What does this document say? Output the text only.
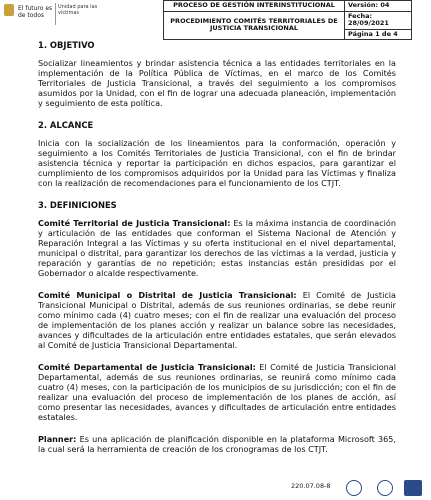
El futuro es de todos
Unidad para las víctimas
PROCESO DE GESTIÓN INTERINSTITUCIONAL	Versión: 04
PROCEDIMIENTO COMITÉS TERRITORIALES DE JUSTICIA TRANSICIONAL	Fecha: 28/09/2021
	Página 1 de 4
1. OBJETIVO
Socializar lineamientos y brindar asistencia técnica a las entidades territoriales en la implementación de la Política Pública de Víctimas, en el marco de los Comités Territoriales de Justicia Transicional, a través del seguimiento a los compromisos asumidos por la Unidad, con el fin de lograr una adecuada planeación, implementación y seguimiento de esta política.
2. ALCANCE
Inicia con la socialización de los lineamientos para la conformación, operación y seguimiento a los Comités Territoriales de Justicia Transicional, con el fin de brindar asistencia técnica y reportar la participación en dichos espacios, para garantizar el cumplimiento de los compromisos adquiridos por la Unidad para las Víctimas y finaliza con la realización de recomendaciones para el funcionamiento de los CTJT.
3. DEFINICIONES
Comité Territorial de Justicia Transicional: Es la máxima instancia de coordinación y articulación de las entidades que conforman el Sistema Nacional de Atención y Reparación Integral a las Víctimas y su oferta institucional en el nivel departamental, municipal o distrital, para garantizar los derechos de las víctimas a la verdad, justicia y reparación y garantías de no repetición; estas instancias están presididas por el Gobernador o alcalde respectivamente.
Comité Municipal o Distrital de Justicia Transicional: El Comité de Justicia Transicional Municipal o Distrital, además de sus reuniones ordinarias, se debe reunir como mínimo cada (4) cuatro meses; con el fin de realizar una evaluación del proceso de implementación de los planes acción y realizar un balance sobre las necesidades, avances y dificultades de la articulación entre entidades estatales, que serán elevados al Comité de Justicia Transicional Departamental.
Comité Departamental de Justicia Transicional: El Comité de Justicia Transicional Departamental, además de sus reuniones ordinarias, se reunirá como mínimo cada cuatro (4) meses, con la participación de los municipios de su jurisdicción; con el fin de realizar una evaluación del proceso de implementación de los planes de acción, así como presentar las necesidades, avances y dificultades de articulación entre entidades estatales.
Planner: Es una aplicación de planificación disponible en la plataforma Microsoft 365, la cual será la herramienta de creación de los cronogramas de los CTJT.
220.07.08-8
